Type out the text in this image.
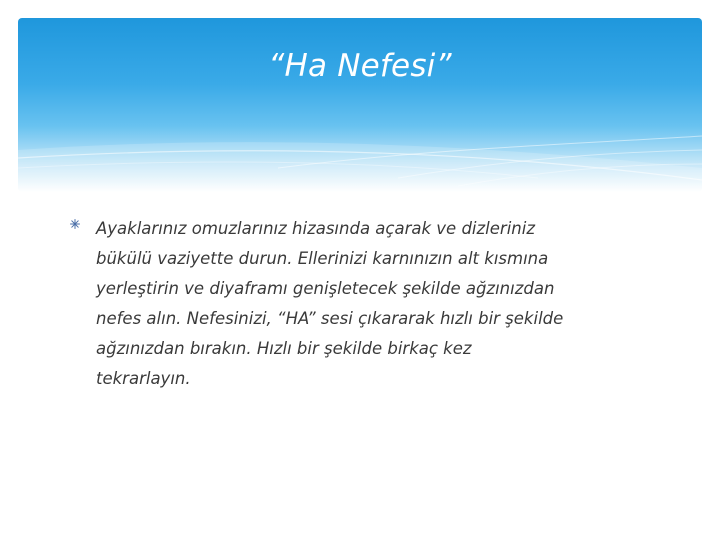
“Ha Nefesi”
Ayaklarınız omuzlarınız hizasında açarak ve dizleriniz
bükülü vaziyette durun. Ellerinizi karnınızın alt kısmına
yerleştirin ve diyaframı genişletecek şekilde ağzınızdan
nefes alın. Nefesinizi, “HA” sesi çıkararak hızlı bir şekilde
ağzınızdan bırakın. Hızlı bir şekilde birkaç kez
tekrarlayın.
